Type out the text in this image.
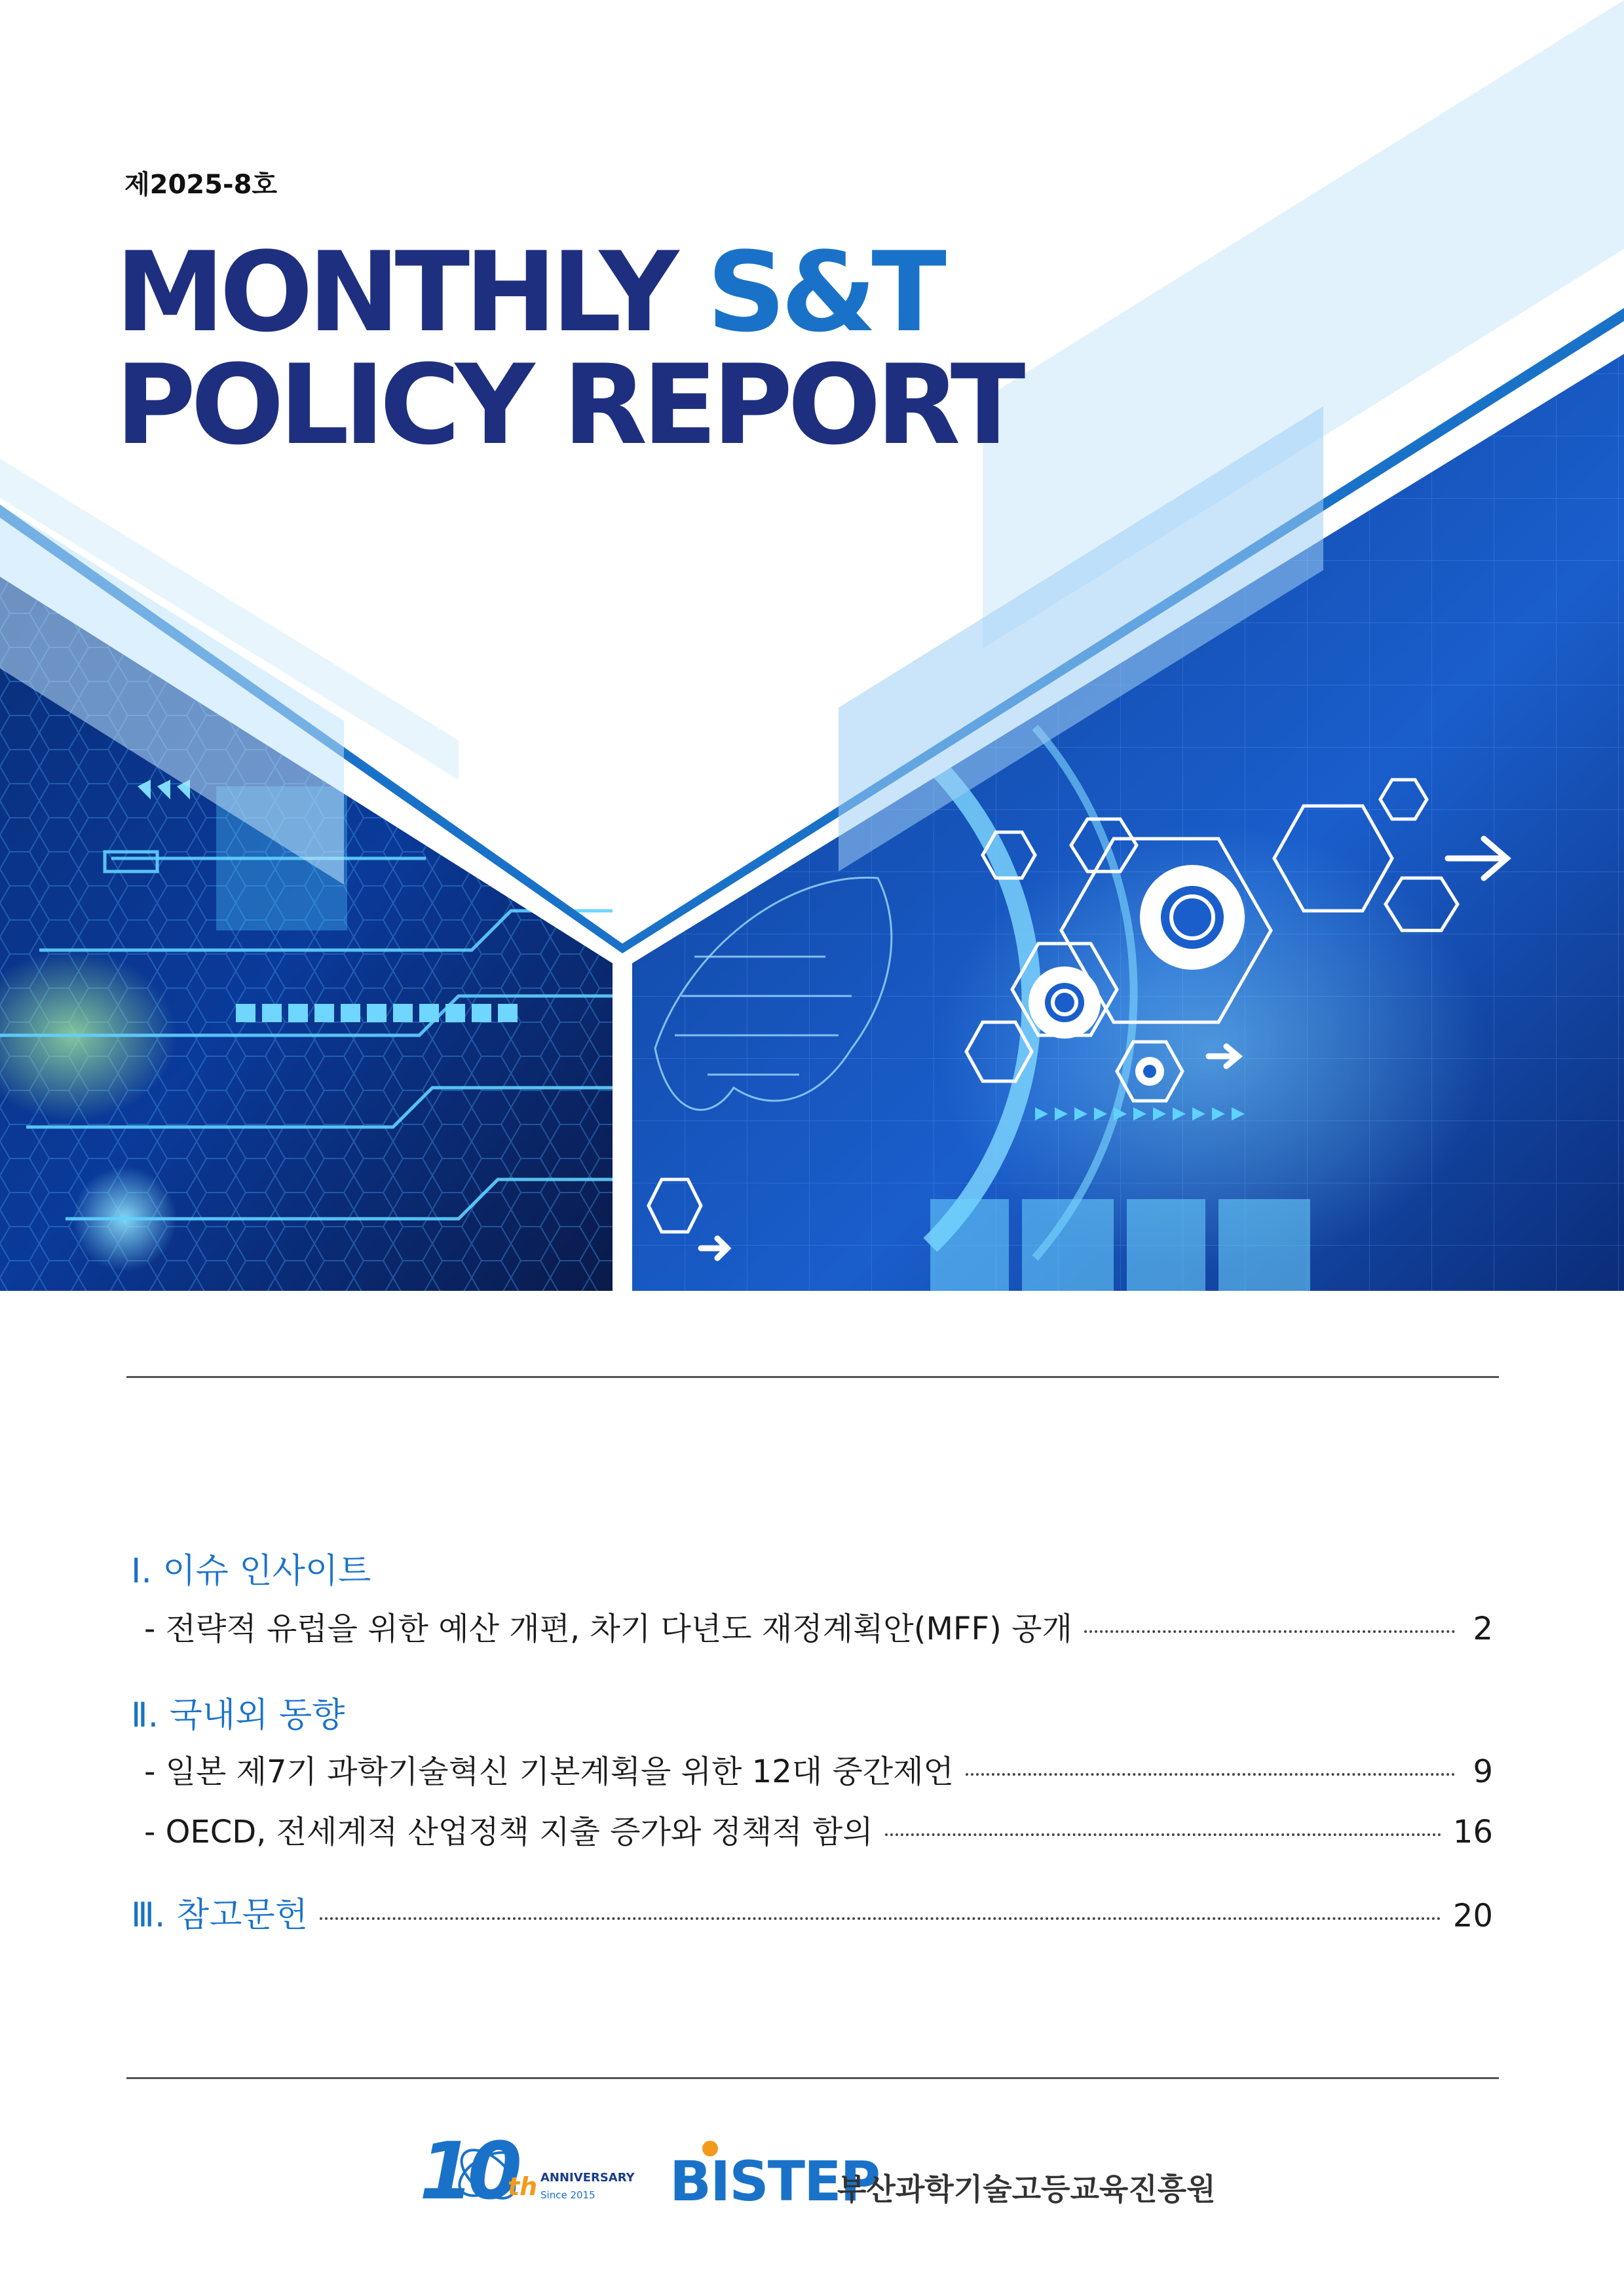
제2025-8호
MONTHLY S&T
POLICY REPORT
Ⅰ. 이슈 인사이트
- 전략적 유럽을 위한 예산 개편, 차기 다년도 재정계획안(MFF) 공개	2
Ⅱ. 국내외 동향
- 일본 제7기 과학기술혁신 기본계획을 위한 12대 중간제언	9
- OECD, 전세계적 산업정책 지출 증가와 정책적 함의	16
Ⅲ. 참고문헌	20
10
th ANNIVERSARY
Since 2015 BISTEP
부산과학기술고등교육진흥원
